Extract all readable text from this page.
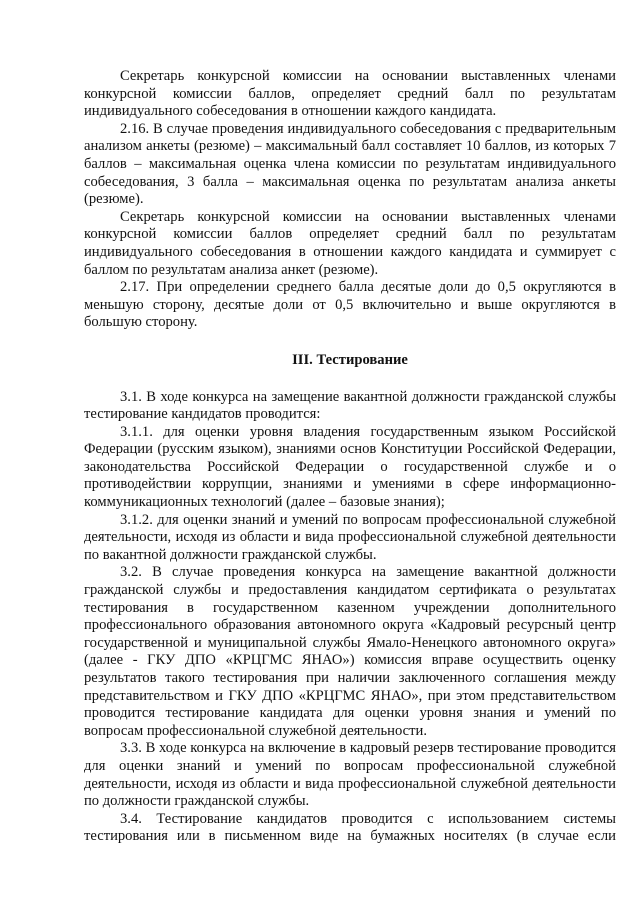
Секретарь конкурсной комиссии на основании выставленных членами конкурсной комиссии баллов, определяет средний балл по результатам индивидуального собеседования в отношении каждого кандидата.

2.16. В случае проведения индивидуального собеседования с предварительным анализом анкеты (резюме) – максимальный балл составляет 10 баллов, из которых 7 баллов – максимальная оценка члена комиссии по результатам индивидуального собеседования, 3 балла – максимальная оценка по результатам анализа анкеты (резюме).

Секретарь конкурсной комиссии на основании выставленных членами конкурсной комиссии баллов определяет средний балл по результатам индивидуального собеседования в отношении каждого кандидата и суммирует с баллом по результатам анализа анкет (резюме).

2.17. При определении среднего балла десятые доли до 0,5 округляются в меньшую сторону, десятые доли от 0,5 включительно и выше округляются в большую сторону.

III. Тестирование

3.1. В ходе конкурса на замещение вакантной должности гражданской службы тестирование кандидатов проводится:

3.1.1. для оценки уровня владения государственным языком Российской Федерации (русским языком), знаниями основ Конституции Российской Федерации, законодательства Российской Федерации о государственной службе и о противодействии коррупции, знаниями и умениями в сфере информационно-коммуникационных технологий (далее – базовые знания);

3.1.2. для оценки знаний и умений по вопросам профессиональной служебной деятельности, исходя из области и вида профессиональной служебной деятельности по вакантной должности гражданской службы.

3.2. В случае проведения конкурса на замещение вакантной должности гражданской службы и предоставления кандидатом сертификата о результатах тестирования в государственном казенном учреждении дополнительного профессионального образования автономного округа «Кадровый ресурсный центр государственной и муниципальной службы Ямало-Ненецкого автономного округа» (далее - ГКУ ДПО «КРЦГМС ЯНАО») комиссия вправе осуществить оценку результатов такого тестирования при наличии заключенного соглашения между представительством и ГКУ ДПО «КРЦГМС ЯНАО», при этом представительством проводится тестирование кандидата для оценки уровня знания и умений по вопросам профессиональной служебной деятельности.

3.3. В ходе конкурса на включение в кадровый резерв тестирование проводится для оценки знаний и умений по вопросам профессиональной служебной деятельности, исходя из области и вида профессиональной служебной деятельности по должности гражданской службы.

3.4. Тестирование кандидатов проводится с использованием системы тестирования или в письменном виде на бумажных носителях (в случае если
